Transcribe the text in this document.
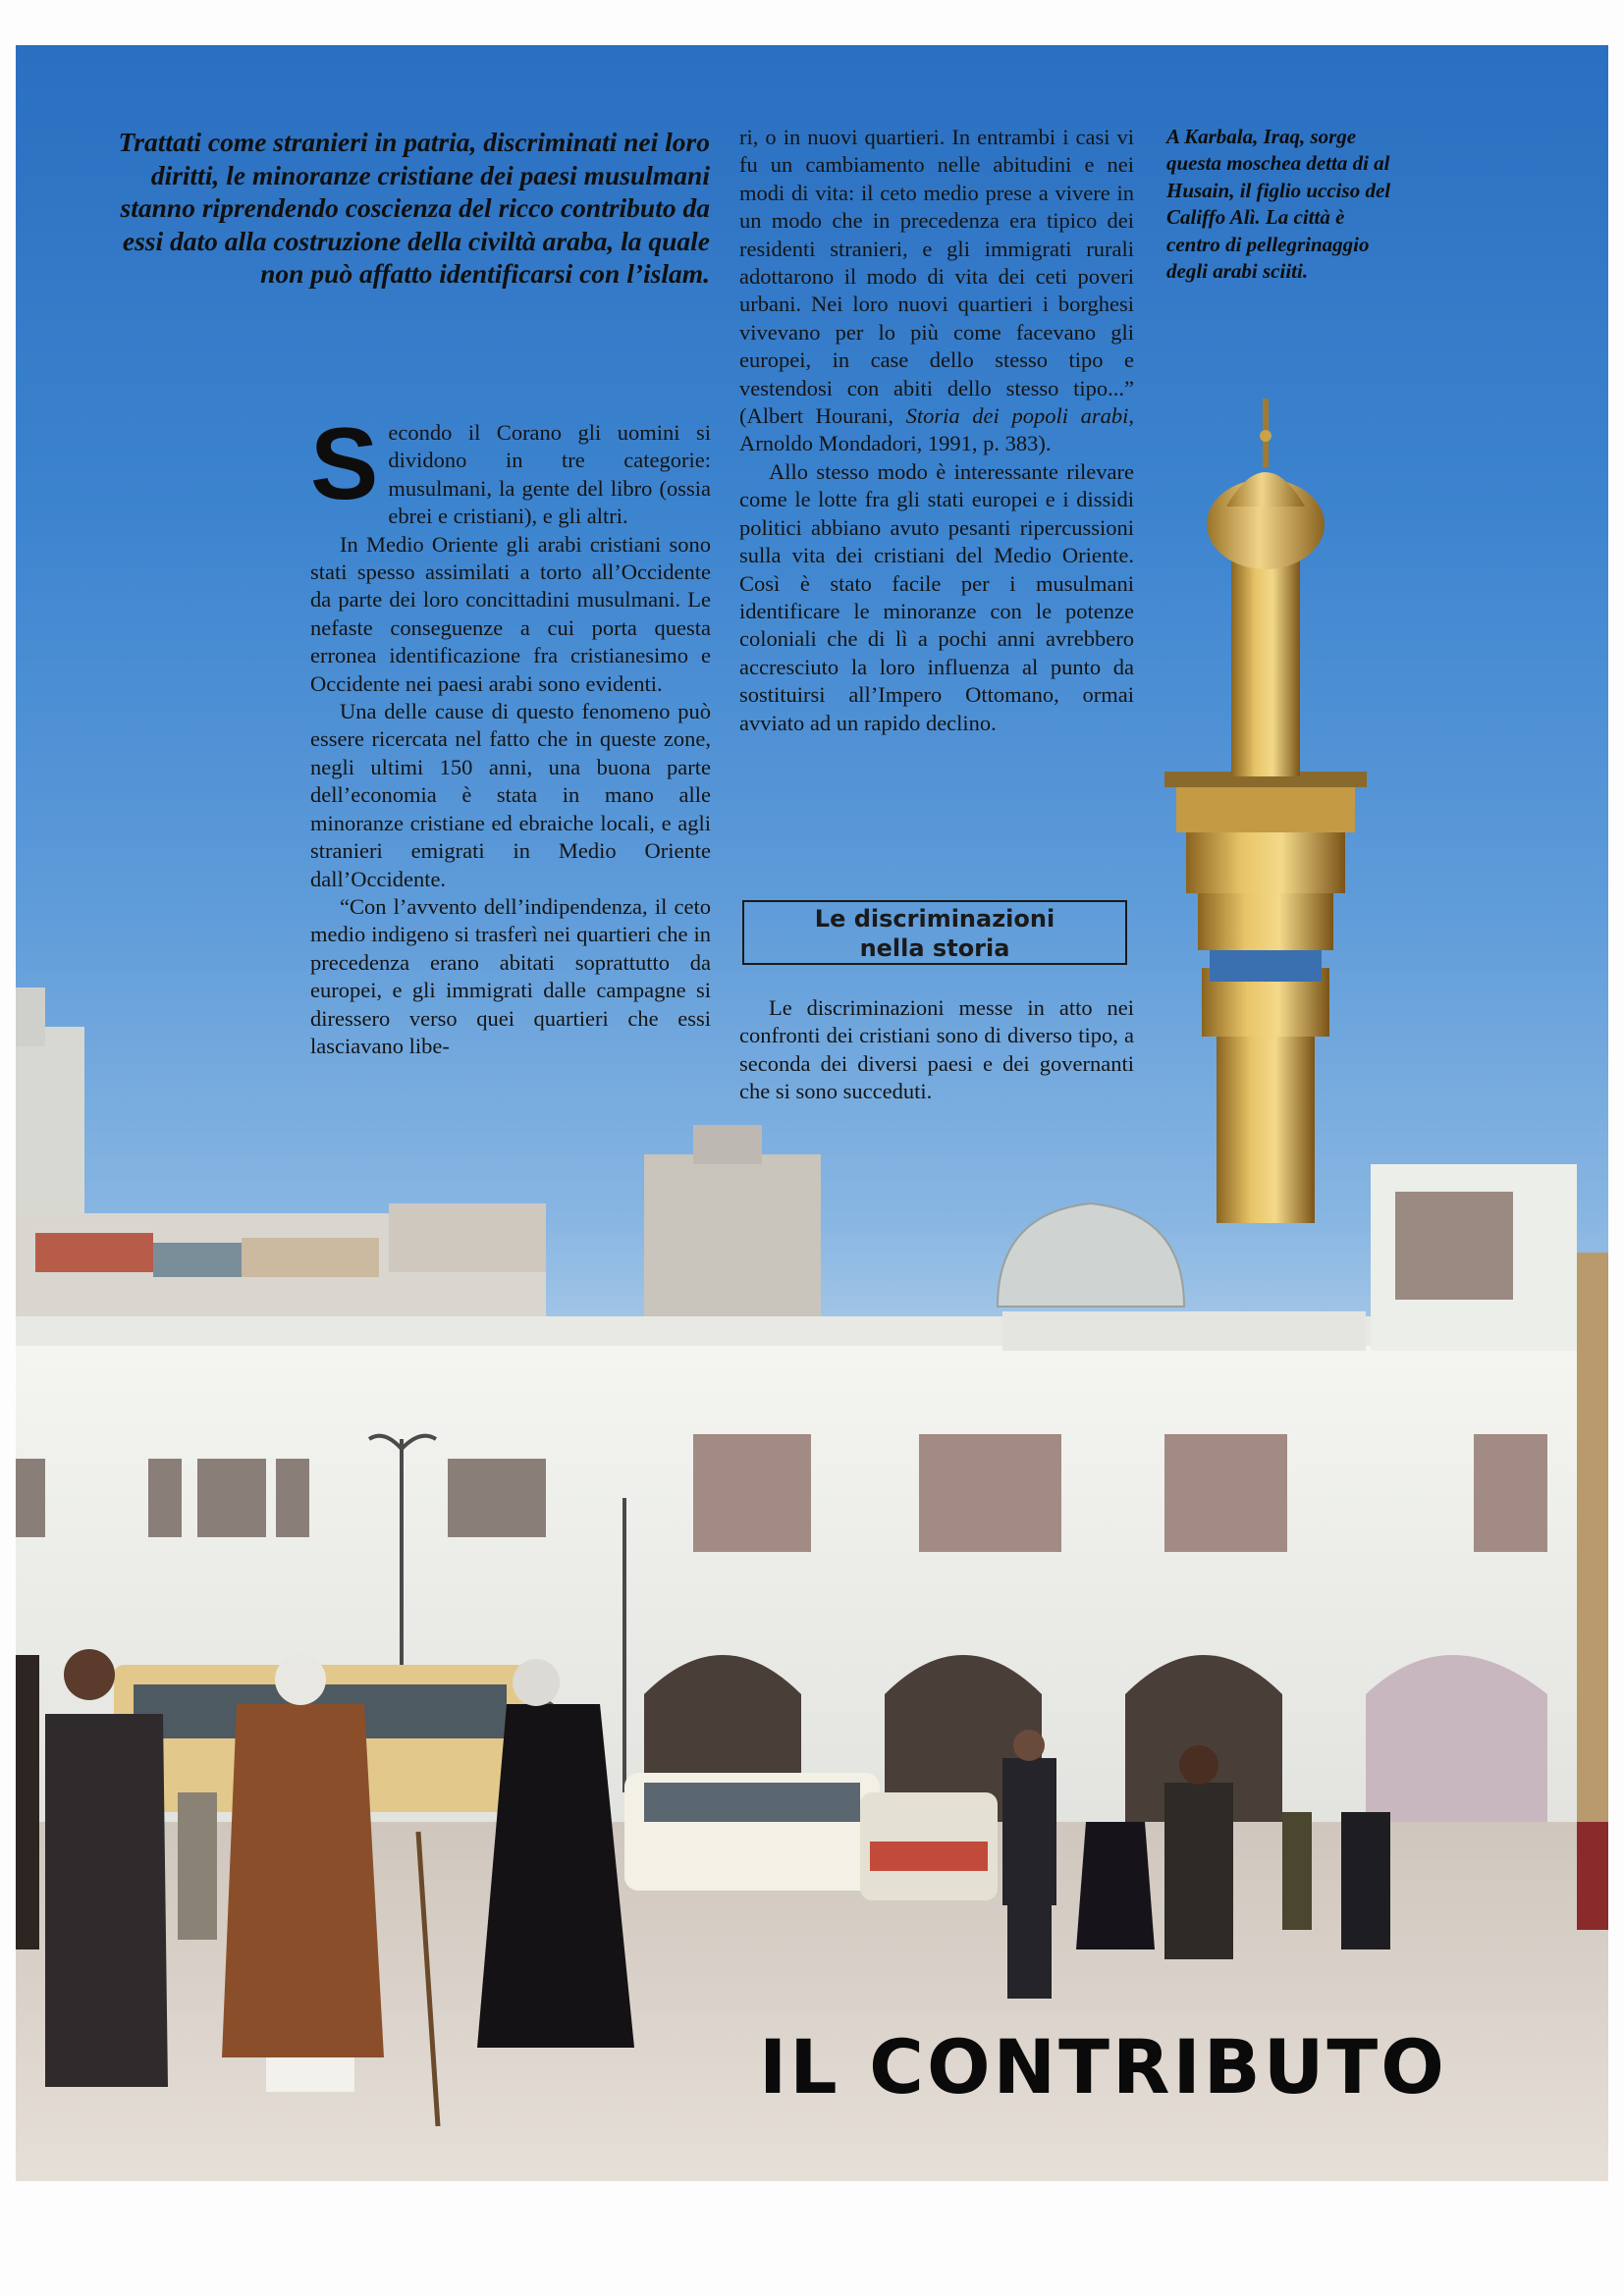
Trattati come stranieri in patria, discriminati nei loro diritti, le minoranze cristiane dei paesi musulmani stanno riprendendo coscienza del ricco contributo da essi dato alla costruzione della civiltà araba, la quale non può affatto identificarsi con l’islam.
A Karbala, Iraq, sorge questa moschea detta di al Husain, il figlio ucciso del Califfo Alì. La città è centro di pellegrinaggio degli arabi sciiti.

Secondo il Corano gli uomini si dividono in tre categorie: musulmani, la gente del libro (ossia ebrei e cristiani), e gli altri.

In Medio Oriente gli arabi cristiani sono stati spesso assimilati a torto all’Occidente da parte dei loro concittadini musulmani. Le nefaste conseguenze a cui porta questa erronea identificazione fra cristianesimo e Occidente nei paesi arabi sono evidenti.

Una delle cause di questo fenomeno può essere ricercata nel fatto che in queste zone, negli ultimi 150 anni, una buona parte dell’economia è stata in mano alle minoranze cristiane ed ebraiche locali, e agli stranieri emigrati in Medio Oriente dall’Occidente.

“Con l’avvento dell’indipendenza, il ceto medio indigeno si trasferì nei quartieri che in precedenza erano abitati soprattutto da europei, e gli immigrati dalle campagne si diressero verso quei quartieri che essi lasciavano libe-

ri, o in nuovi quartieri. In entrambi i casi vi fu un cambiamento nelle abitudini e nei modi di vita: il ceto medio prese a vivere in un modo che in precedenza era tipico dei residenti stranieri, e gli immigrati rurali adottarono il modo di vita dei ceti poveri urbani. Nei loro nuovi quartieri i borghesi vivevano per lo più come facevano gli europei, in case dello stesso tipo e vestendosi con abiti dello stesso tipo...” (Albert Hourani, Storia dei popoli arabi, Arnoldo Mondadori, 1991, p. 383).

Allo stesso modo è interessante rilevare come le lotte fra gli stati europei e i dissidi politici abbiano avuto pesanti ripercussioni sulla vita dei cristiani del Medio Oriente. Così è stato facile per i musulmani identificare le minoranze con le potenze coloniali che di lì a pochi anni avrebbero accresciuto la loro influenza al punto da sostituirsi all’Impero Ottomano, ormai avviato ad un rapido declino.

Le discriminazioni
nella storia

Le discriminazioni messe in atto nei confronti dei cristiani sono di diverso tipo, a seconda dei diversi paesi e dei governanti che si sono succeduti.

IL CONTRIBUTO
